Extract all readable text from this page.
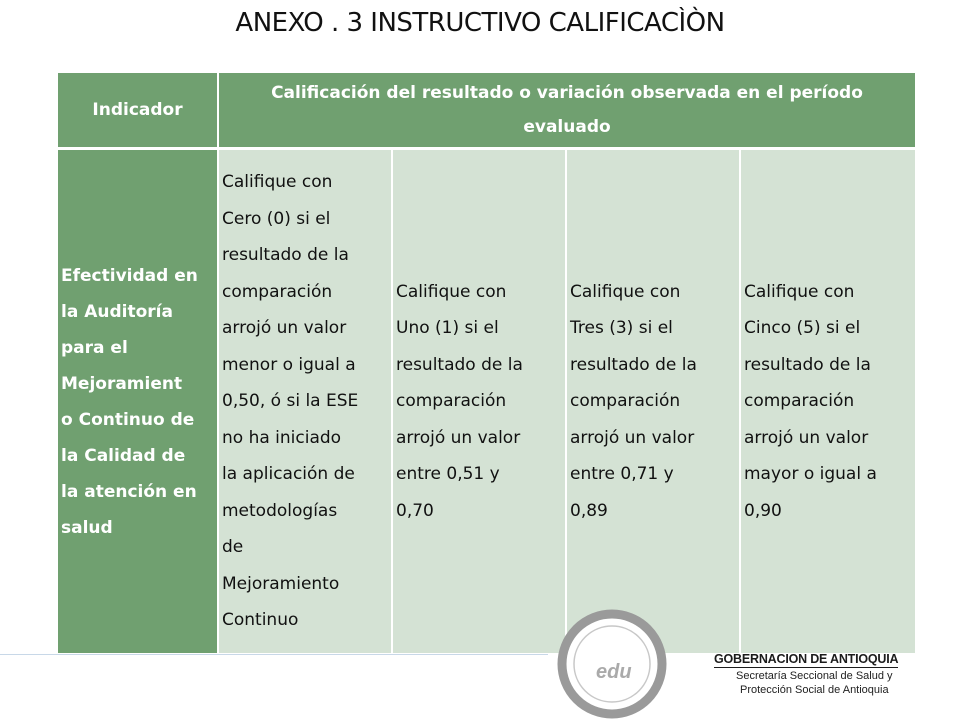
ANEXO . 3 INSTRUCTIVO CALIFICACÌÒN
Indicador
Calificación del resultado o variación observada en el período evaluado
Efectividad en
la Auditoría
para el
Mejoramient
o Continuo de
la Calidad de
la atención en
salud
Califique con
Cero (0) si el
resultado de la
comparación
arrojó un valor
menor o igual a
0,50, ó si la ESE
no ha iniciado
la aplicación de
metodologías
de
Mejoramiento
Continuo
Califique con
Uno (1) si el
resultado de la
comparación
arrojó un valor
entre 0,51 y
0,70
Califique con
Tres (3) si el
resultado de la
comparación
arrojó un valor
entre 0,71 y
0,89
Califique con
Cinco (5) si el
resultado de la
comparación
arrojó un valor
mayor o igual a
0,90
edu
GOBERNACION DE ANTIOQUIA
Secretaría Seccional de Salud y
Protección Social de Antioquia
